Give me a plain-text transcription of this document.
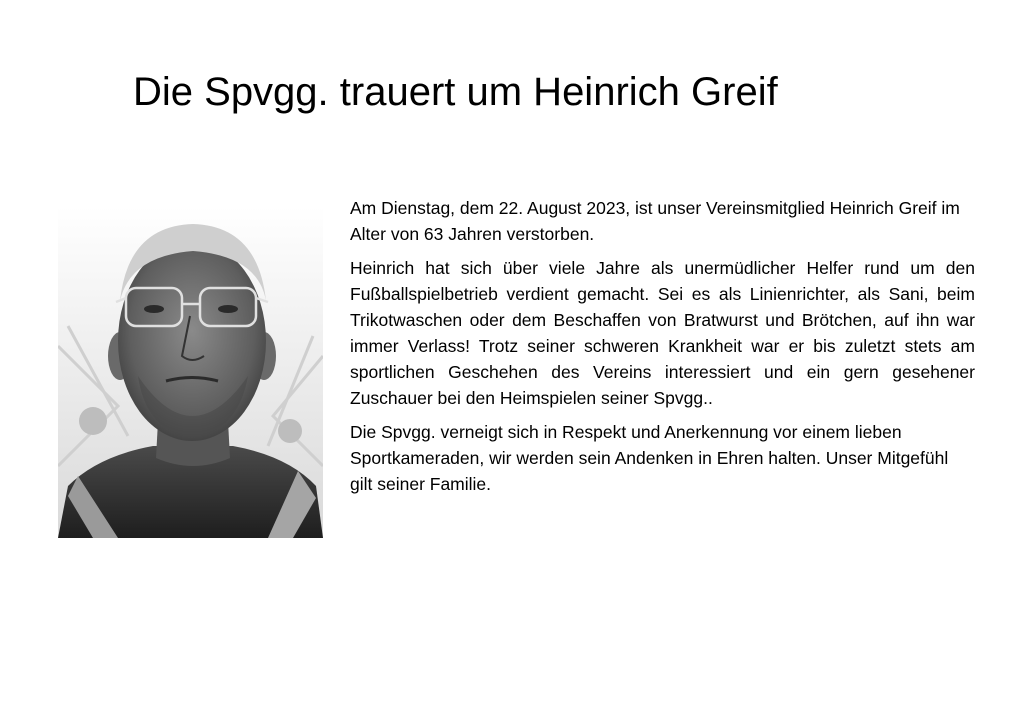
Die Spvgg. trauert um Heinrich Greif

Am Dienstag, dem 22. August 2023, ist unser Vereinsmitglied Heinrich Greif im Alter von 63 Jahren verstorben.

Heinrich hat sich über viele Jahre als unermüdlicher Helfer rund um den Fußballspielbetrieb verdient gemacht. Sei es als Linienrichter, als Sani, beim Trikotwaschen oder dem Beschaffen von Bratwurst und Brötchen, auf ihn war immer Verlass! Trotz seiner schweren Krankheit war er bis zuletzt stets am sportlichen Geschehen des Vereins interessiert und ein gern gesehener Zuschauer bei den Heimspielen seiner Spvgg..

Die Spvgg. verneigt sich in Respekt und Anerkennung vor einem lieben Sportkameraden, wir werden sein Andenken in Ehren halten. Unser Mitgefühl gilt seiner Familie.
